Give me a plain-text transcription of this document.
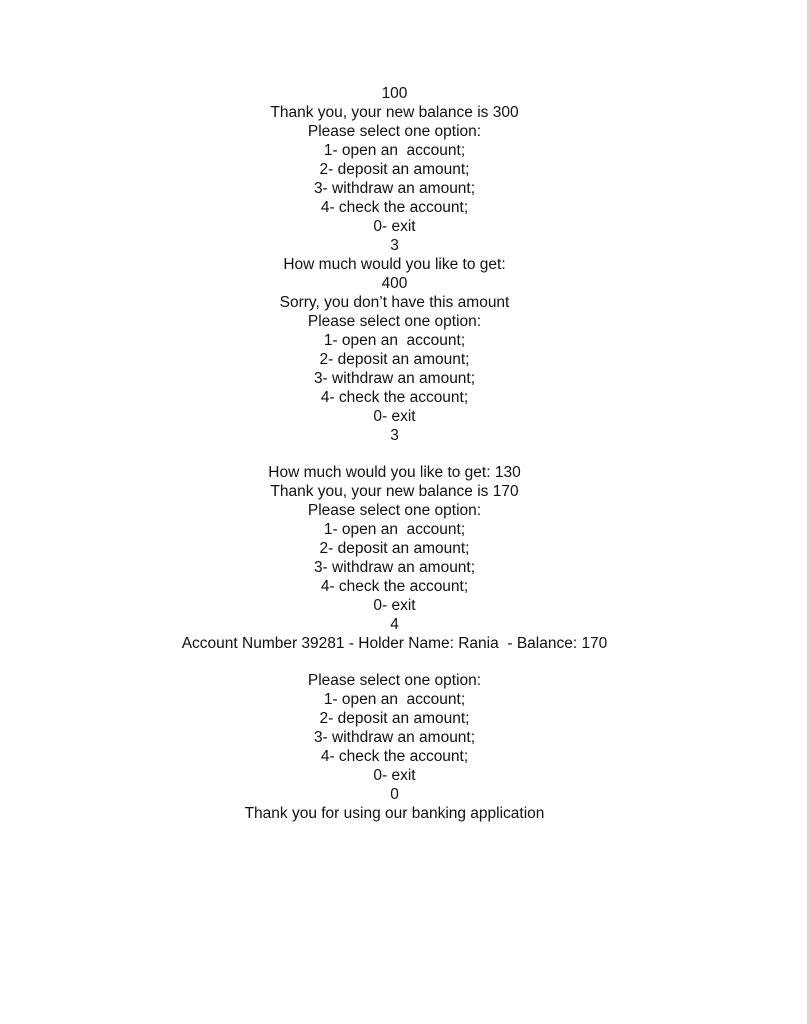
100
Thank you, your new balance is 300
Please select one option:
1- open an  account;
2- deposit an amount;
3- withdraw an amount;
4- check the account;
0- exit
3
How much would you like to get:
400
Sorry, you don’t have this amount
Please select one option:
1- open an  account;
2- deposit an amount;
3- withdraw an amount;
4- check the account;
0- exit
3
How much would you like to get: 130
Thank you, your new balance is 170
Please select one option:
1- open an  account;
2- deposit an amount;
3- withdraw an amount;
4- check the account;
0- exit
4
Account Number 39281 - Holder Name: Rania  - Balance: 170
Please select one option:
1- open an  account;
2- deposit an amount;
3- withdraw an amount;
4- check the account;
0- exit
0
Thank you for using our banking application
